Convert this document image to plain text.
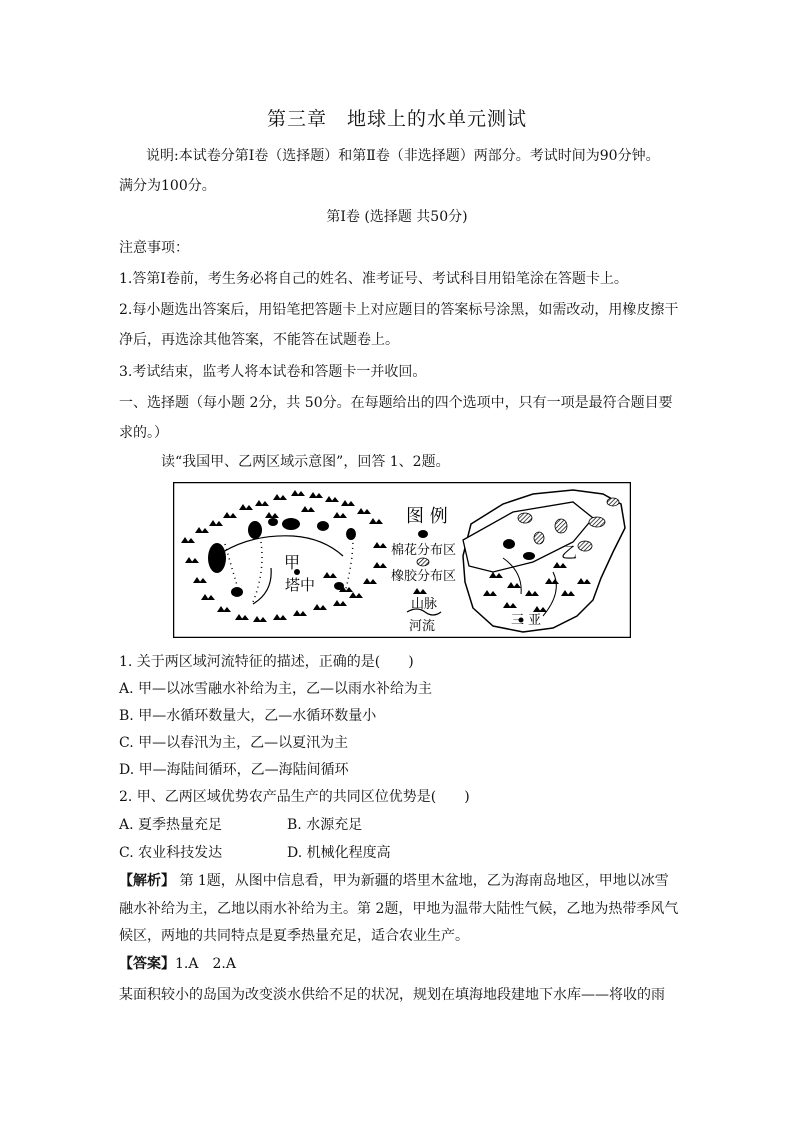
第三章　地球上的水单元测试
说明:本试卷分第Ⅰ卷（选择题）和第Ⅱ卷（非选择题）两部分。考试时间为90分钟。
满分为100分。
第Ⅰ卷 (选择题 共50分)
注意事项：
1.答第Ⅰ卷前，考生务必将自己的姓名、准考证号、考试科目用铅笔涂在答题卡上。
2.每小题选出答案后，用铅笔把答题卡上对应题目的答案标号涂黑，如需改动，用橡皮擦干
净后，再选涂其他答案，不能答在试题卷上。
3.考试结束，监考人将本试卷和答题卡一并收回。
一、选择题（每小题 2分，共 50分。在每题给出的四个选项中，只有一项是最符合题目要
求的。）
读“我国甲、乙两区域示意图”，回答 1、2题。
甲
塔中
图 例
棉花分布区
橡胶分布区
山脉
河流
乙
三 亚
1. 关于两区域河流特征的描述，正确的是(　　)
A. 甲—以冰雪融水补给为主，乙—以雨水补给为主
B. 甲—水循环数量大，乙—水循环数量小
C. 甲—以春汛为主，乙—以夏汛为主
D. 甲—海陆间循环，乙—海陆间循环
2. 甲、乙两区域优势农产品生产的共同区位优势是(　　)
A. 夏季热量充足	B. 水源充足
C. 农业科技发达	D. 机械化程度高
【解析】 第 1题，从图中信息看，甲为新疆的塔里木盆地，乙为海南岛地区，甲地以冰雪
融水补给为主，乙地以雨水补给为主。第 2题，甲地为温带大陆性气候，乙地为热带季风气
候区，两地的共同特点是夏季热量充足，适合农业生产。
【答案】1.A　2.A
某面积较小的岛国为改变淡水供给不足的状况，规划在填海地段建地下水库——将收的雨
